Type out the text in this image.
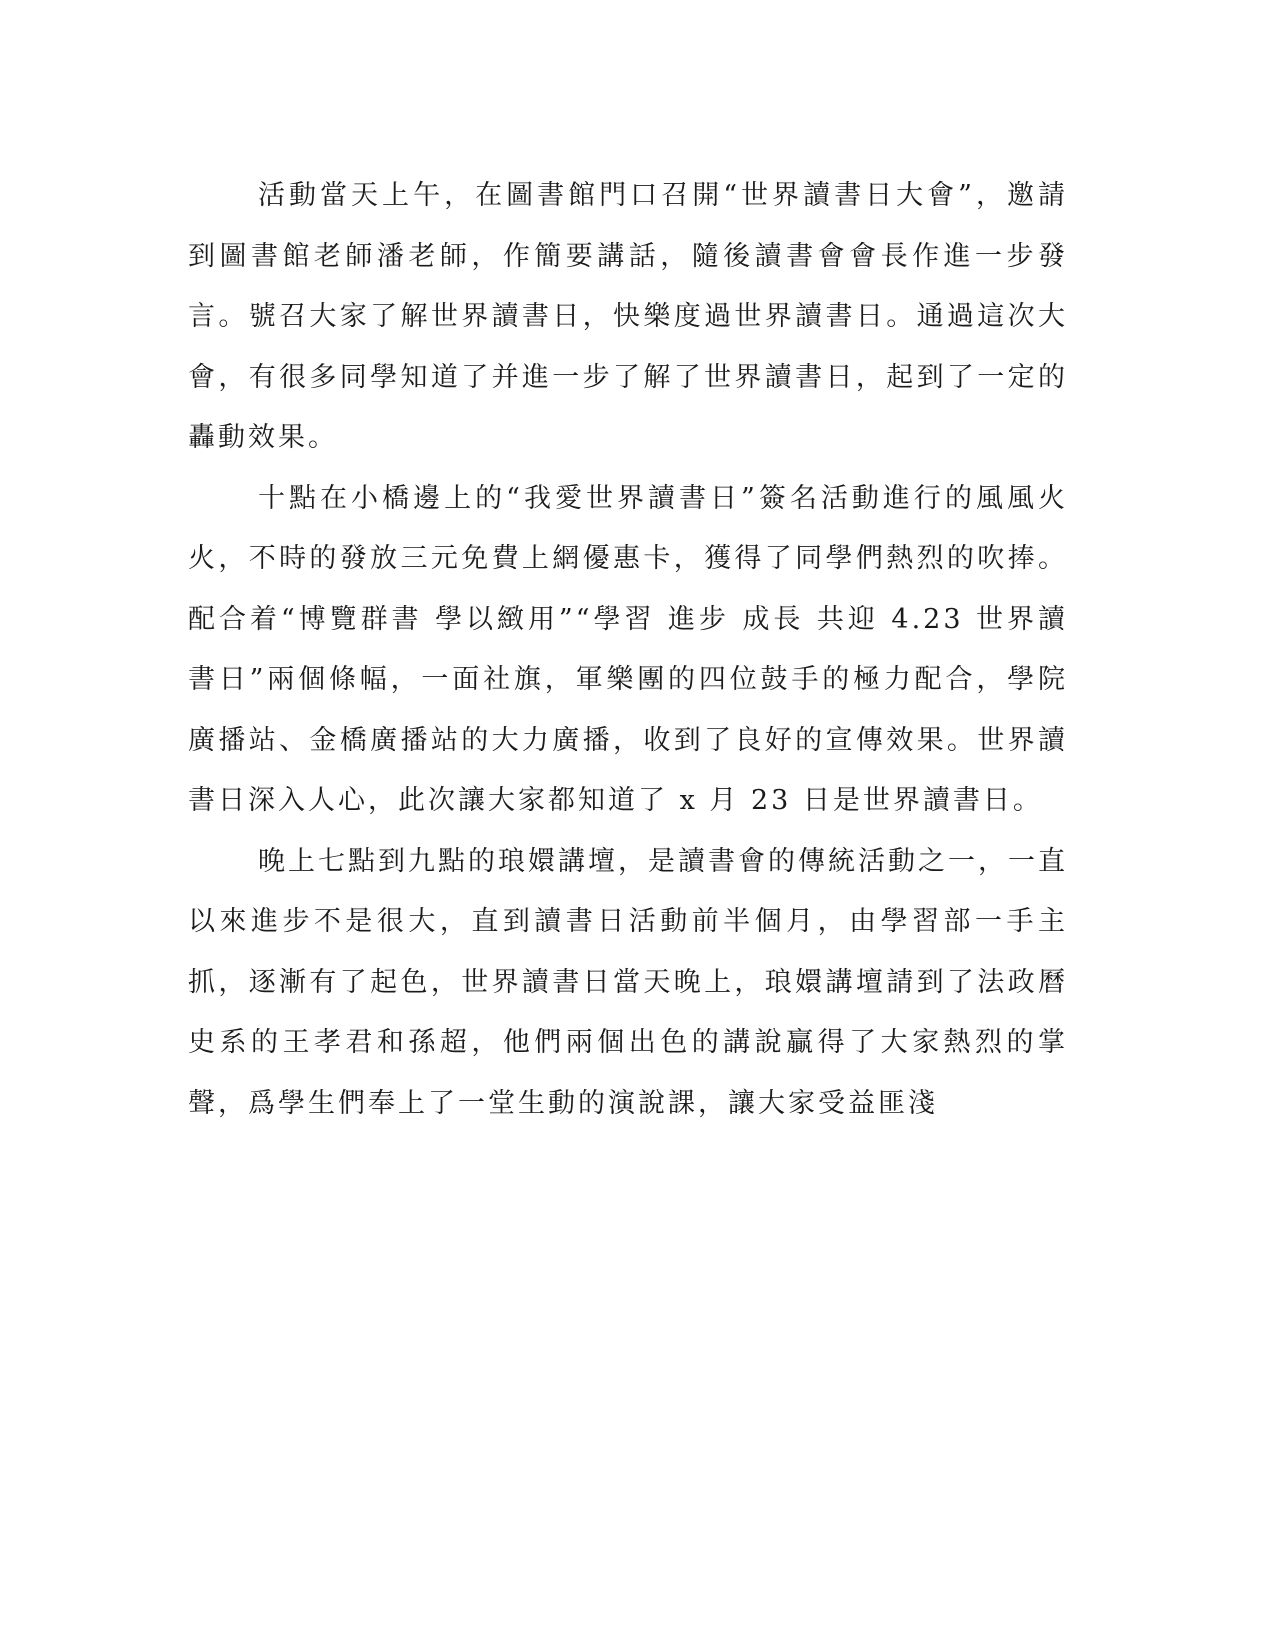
活動當天上午，在圖書館門口召開“世界讀書日大會”，邀請到圖書館老師潘老師，作簡要講話，隨後讀書會會長作進一步發言。號召大家了解世界讀書日，快樂度過世界讀書日。通過這次大會，有很多同學知道了并進一步了解了世界讀書日，起到了一定的轟動效果。

十點在小橋邊上的“我愛世界讀書日”簽名活動進行的風風火火，不時的發放三元免費上網優惠卡，獲得了同學們熱烈的吹捧。配合着“博覽群書 學以緻用”“學習 進步 成長 共迎 4.23 世界讀書日”兩個條幅，一面社旗，軍樂團的四位鼓手的極力配合，學院廣播站、金橋廣播站的大力廣播，收到了良好的宣傳效果。世界讀書日深入人心，此次讓大家都知道了 x 月 23 日是世界讀書日。

晚上七點到九點的琅嬛講壇，是讀書會的傳統活動之一，一直以來進步不是很大，直到讀書日活動前半個月，由學習部一手主抓，逐漸有了起色，世界讀書日當天晚上，琅嬛講壇請到了法政曆史系的王孝君和孫超，他們兩個出色的講說贏得了大家熱烈的掌聲，爲學生們奉上了一堂生動的演說課，讓大家受益匪淺
